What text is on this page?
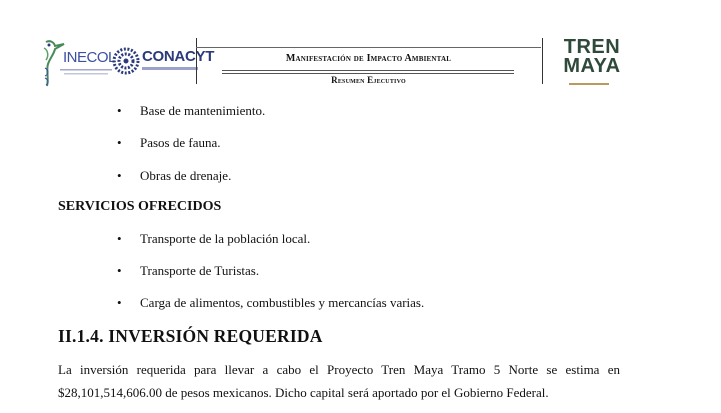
INECOL CONACYT	Manifestación de Impacto Ambiental
Resumen Ejecutivo
TREN
MAYA
• Base de mantenimiento.
• Pasos de fauna.
• Obras de drenaje.
SERVICIOS OFRECIDOS
• Transporte de la población local.
• Transporte de Turistas.
• Carga de alimentos, combustibles y mercancías varias.
II.1.4. INVERSIÓN REQUERIDA
La inversión requerida para llevar a cabo el Proyecto Tren Maya Tramo 5 Norte se estima en
$28,101,514,606.00 de pesos mexicanos. Dicho capital será aportado por el Gobierno Federal.
